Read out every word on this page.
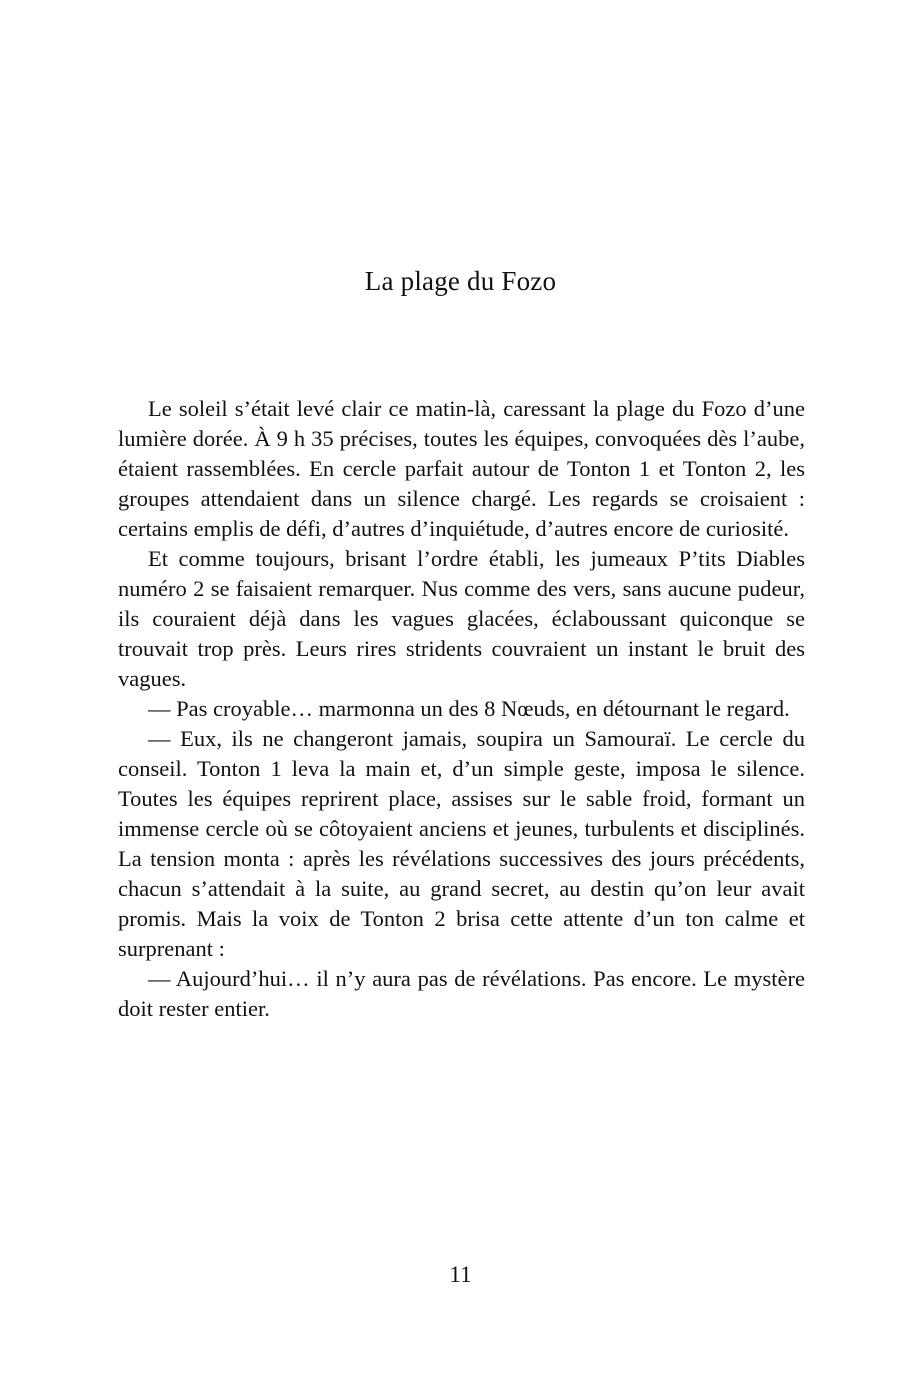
La plage du Fozo

Le soleil s’était levé clair ce matin-là, caressant la plage du Fozo d’une lumière dorée. À 9 h 35 précises, toutes les équipes, convoquées dès l’aube, étaient rassemblées. En cercle parfait autour de Tonton 1 et Tonton 2, les groupes attendaient dans un silence chargé. Les regards se croisaient : certains emplis de défi, d’autres d’inquiétude, d’autres encore de curiosité.

Et comme toujours, brisant l’ordre établi, les jumeaux P’tits Diables numéro 2 se faisaient remarquer. Nus comme des vers, sans aucune pudeur, ils couraient déjà dans les vagues glacées, éclaboussant quiconque se trouvait trop près. Leurs rires stridents couvraient un instant le bruit des vagues.

— Pas croyable… marmonna un des 8 Nœuds, en détournant le regard.

— Eux, ils ne changeront jamais, soupira un Samouraï. Le cercle du conseil. Tonton 1 leva la main et, d’un simple geste, imposa le silence. Toutes les équipes reprirent place, assises sur le sable froid, formant un immense cercle où se côtoyaient anciens et jeunes, turbulents et disciplinés. La tension monta : après les révélations successives des jours précédents, chacun s’attendait à la suite, au grand secret, au destin qu’on leur avait promis. Mais la voix de Tonton 2 brisa cette attente d’un ton calme et surprenant :

— Aujourd’hui… il n’y aura pas de révélations. Pas encore. Le mystère doit rester entier.

11
